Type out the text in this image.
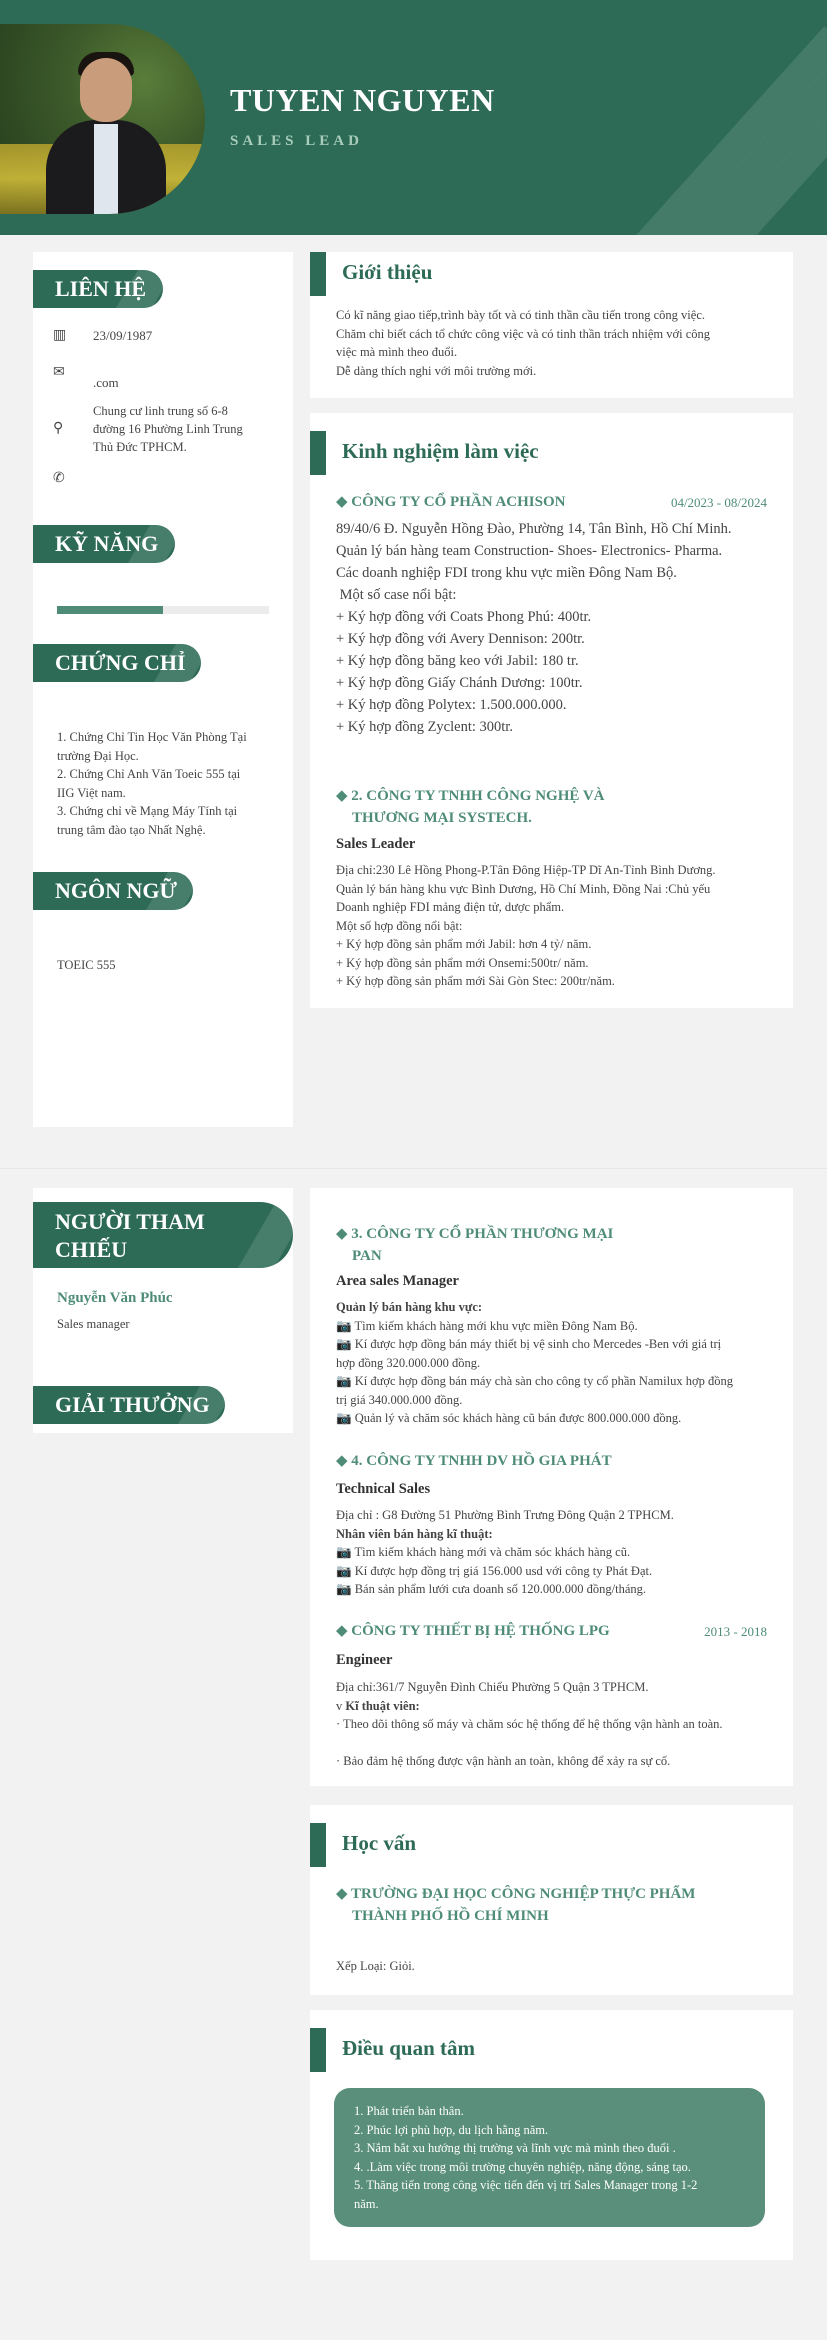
TUYEN NGUYEN
SALES LEAD
LIÊN HỆ
▥ 23/09/1987
✉
.com
⚲
Chung cư linh trung số 6-8
đường 16 Phường Linh Trung
Thủ Đức TPHCM.
✆
KỸ NĂNG
CHỨNG CHỈ
1. Chứng Chỉ Tin Học Văn Phòng Tại
trường Đại Học.
2. Chứng Chỉ Anh Văn Toeic 555 tại
IIG Việt nam.
3. Chứng chỉ về Mạng Máy Tính tại
trung tâm đào tạo Nhất Nghệ.
NGÔN NGỮ
TOEIC 555
Giới thiệu
Có kĩ năng giao tiếp,trình bày tốt và có tinh thần cầu tiến trong công việc.
Chăm chỉ biết cách tổ chức công việc và có tinh thần trách nhiệm với công
việc mà mình theo đuổi.
Dễ dàng thích nghi với môi trường mới.
Kinh nghiệm làm việc
◆ CÔNG TY CỔ PHẦN ACHISON	04/2023 - 08/2024
89/40/6 Đ. Nguyễn Hồng Đào, Phường 14, Tân Bình, Hồ Chí Minh.
Quản lý bán hàng team Construction- Shoes- Electronics- Pharma.
Các doanh nghiệp FDI trong khu vực miền Đông Nam Bộ.
Một số case nổi bật:
+ Ký hợp đồng với Coats Phong Phú: 400tr.
+ Ký hợp đồng với Avery Dennison: 200tr.
+ Ký hợp đồng băng keo với Jabil: 180 tr.
+ Ký hợp đồng Giấy Chánh Dương: 100tr.
+ Ký hợp đồng Polytex: 1.500.000.000.
+ Ký hợp đồng Zyclent: 300tr.
◆ 2. CÔNG TY TNHH CÔNG NGHỆ VÀ
THƯƠNG MẠI SYSTECH.
Sales Leader
Địa chỉ:230 Lê Hồng Phong-P.Tân Đông Hiệp-TP Dĩ An-Tỉnh Bình Dương.
Quản lý bán hàng khu vực Bình Dương, Hồ Chí Minh, Đồng Nai :Chủ yếu
Doanh nghiệp FDI mảng điện tử, dược phẩm.
Một số hợp đồng nổi bật:
+ Ký hợp đồng sản phẩm mới Jabil: hơn 4 tỷ/ năm.
+ Ký hợp đồng sản phẩm mới Onsemi:500tr/ năm.
+ Ký hợp đồng sản phẩm mới Sài Gòn Stec: 200tr/năm.
NGƯỜI THAM
CHIẾU
Nguyễn Văn Phúc
Sales manager
GIẢI THƯỞNG
◆ 3. CÔNG TY CỔ PHẦN THƯƠNG MẠI
PAN
Area sales Manager
Quản lý bán hàng khu vực:
📷 Tìm kiếm khách hàng mới khu vực miền Đông Nam Bộ.
📷 Kí được hợp đồng bán máy thiết bị vệ sinh cho Mercedes -Ben với giá trị
hợp đồng 320.000.000 đồng.
📷 Kí được hợp đồng bán máy chà sàn cho công ty cổ phần Namilux hợp đồng
trị giá 340.000.000 đồng.
📷 Quản lý và chăm sóc khách hàng cũ bán được 800.000.000 đồng.
◆ 4. CÔNG TY TNHH DV HỒ GIA PHÁT
Technical Sales
Địa chỉ : G8 Đường 51 Phường Bình Trưng Đông Quận 2 TPHCM.
Nhân viên bán hàng kĩ thuật:
📷 Tìm kiếm khách hàng mới và chăm sóc khách hàng cũ.
📷 Kí được hợp đồng trị giá 156.000 usd với công ty Phát Đạt.
📷 Bán sản phẩm lưới cưa doanh số 120.000.000 đồng/tháng.
◆ CÔNG TY THIẾT BỊ HỆ THỐNG LPG	2013 - 2018
Engineer
Địa chỉ:361/7 Nguyễn Đình Chiểu Phường 5 Quận 3 TPHCM.
v Kĩ thuật viên:
· Theo dõi thông số máy và chăm sóc hệ thống để hệ thống vận hành an toàn.
· Bảo đảm hệ thống được vận hành an toàn, không để xảy ra sự cố.
Học vấn
◆ TRƯỜNG ĐẠI HỌC CÔNG NGHIỆP THỰC PHẨM
THÀNH PHỐ HỒ CHÍ MINH
Xếp Loại: Giỏi.
Điều quan tâm
1. Phát triển bản thân.
2. Phúc lợi phù hợp, du lịch hằng năm.
3. Nắm bắt xu hướng thị trường và lĩnh vực mà mình theo đuổi .
4. .Làm việc trong môi trường chuyên nghiệp, năng động, sáng tạo.
5. Thăng tiến trong công việc tiến đến vị trí Sales Manager trong 1-2
năm.
